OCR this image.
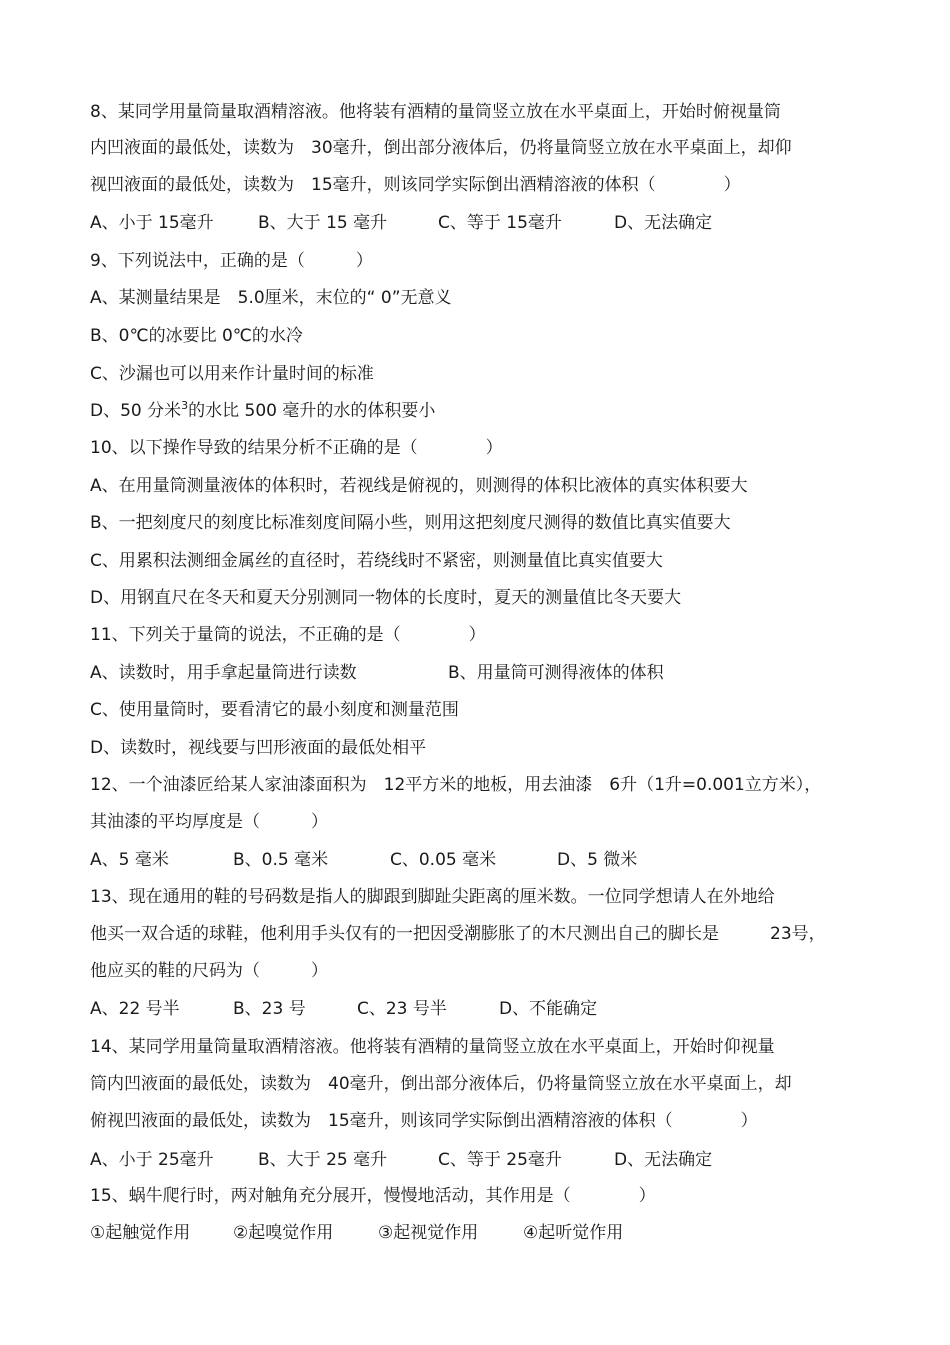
8、某同学用量筒量取酒精溶液。他将装有酒精的量筒竖立放在水平桌面上，开始时俯视量筒
内凹液面的最低处，读数为　30毫升，倒出部分液体后，仍将量筒竖立放在水平桌面上，却仰
视凹液面的最低处，读数为　15毫升，则该同学实际倒出酒精溶液的体积（　　　　）
A、小于 15毫升	B、大于 15 毫升	C、等于 15毫升	D、无法确定
9、下列说法中，正确的是（　　　）
A、某测量结果是　5.0厘米，末位的“ 0”无意义
B、0℃的冰要比 0℃的水冷
C、沙漏也可以用来作计量时间的标准
D、50 分米$^3$的水比 500 毫升的水的体积要小
10、以下操作导致的结果分析不正确的是（　　　　）
A、在用量筒测量液体的体积时，若视线是俯视的，则测得的体积比液体的真实体积要大
B、一把刻度尺的刻度比标准刻度间隔小些，则用这把刻度尺测得的数值比真实值要大
C、用累积法测细金属丝的直径时，若绕线时不紧密，则测量值比真实值要大
D、用钢直尺在冬天和夏天分别测同一物体的长度时，夏天的测量值比冬天要大
11、下列关于量筒的说法，不正确的是（　　　　）
A、读数时，用手拿起量筒进行读数	B、用量筒可测得液体的体积
C、使用量筒时，要看清它的最小刻度和测量范围
D、读数时，视线要与凹形液面的最低处相平
12、一个油漆匠给某人家油漆面积为　12平方米的地板，用去油漆　6升（1升=0.001立方米），
其油漆的平均厚度是（　　　）
A、5 毫米	B、0.5 毫米	C、0.05 毫米	D、5 微米
13、现在通用的鞋的号码数是指人的脚跟到脚趾尖距离的厘米数。一位同学想请人在外地给
他买一双合适的球鞋，他利用手头仅有的一把因受潮膨胀了的木尺测出自己的脚长是　　　23号，
他应买的鞋的尺码为（　　　）
A、22 号半	B、23 号	C、23 号半	D、不能确定
14、某同学用量筒量取酒精溶液。他将装有酒精的量筒竖立放在水平桌面上，开始时仰视量
筒内凹液面的最低处，读数为　40毫升，倒出部分液体后，仍将量筒竖立放在水平桌面上，却
俯视凹液面的最低处，读数为　15毫升，则该同学实际倒出酒精溶液的体积（　　　　）
A、小于 25毫升	B、大于 25 毫升	C、等于 25毫升	D、无法确定
15、蜗牛爬行时，两对触角充分展开，慢慢地活动，其作用是（　　　　）
①起触觉作用	②起嗅觉作用	③起视觉作用	④起听觉作用
